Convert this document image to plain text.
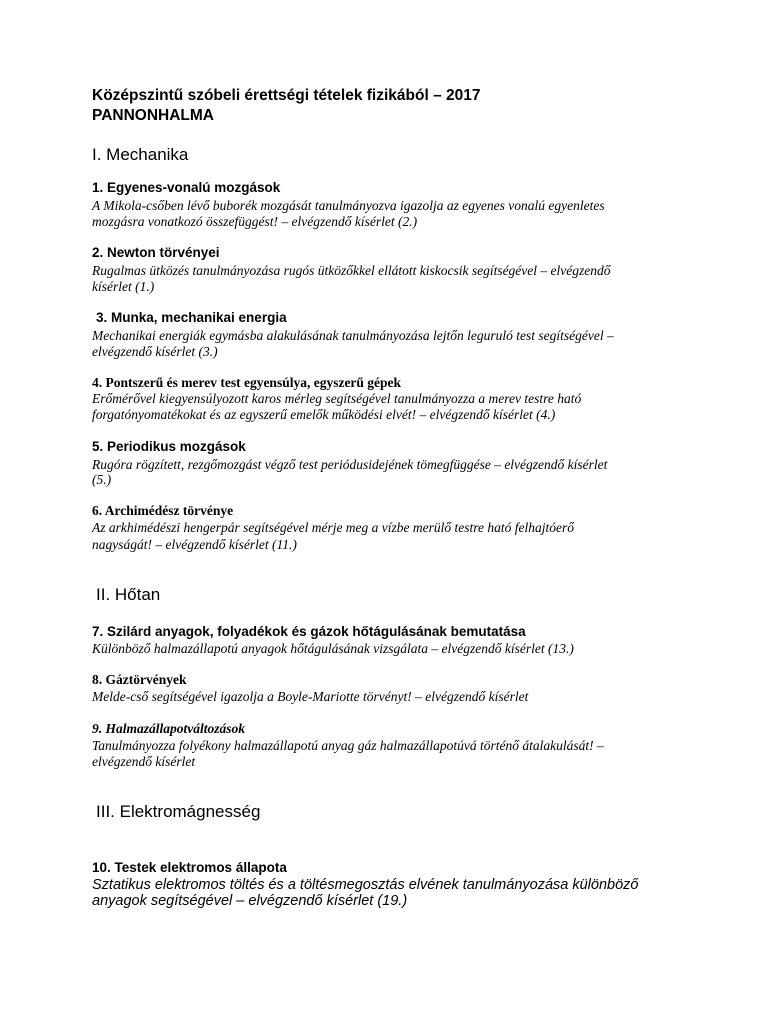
Középszintű szóbeli érettségi tételek fizikából – 2017
PANNONHALMA
I. Mechanika
1. Egyenes-vonalú mozgások
A Mikola-csőben lévő buborék mozgását tanulmányozva igazolja az egyenes vonalú egyenletes
mozgásra vonatkozó összefüggést! – elvégzendő kísérlet (2.)
2. Newton törvényei
Rugalmas ütközés tanulmányozása rugós ütközőkkel ellátott kiskocsik segítségével – elvégzendő
kísérlet (1.)
3. Munka, mechanikai energia
Mechanikai energiák egymásba alakulásának tanulmányozása lejtőn leguruló test segítségével –
elvégzendő kísérlet (3.)
4. Pontszerű és merev test egyensúlya, egyszerű gépek
Erőmérővel kiegyensúlyozott karos mérleg segítségével tanulmányozza a merev testre ható
forgatónyomatékokat és az egyszerű emelők működési elvét! – elvégzendő kísérlet (4.)
5. Periodikus mozgások
Rugóra rögzített, rezgőmozgást végző test periódusidejének tömegfüggése – elvégzendő kísérlet
(5.)
6. Archimédész törvénye
Az arkhimédészi hengerpár segítségével mérje meg a vízbe merülő testre ható felhajtóerő
nagyságát! – elvégzendő kísérlet (11.)
II. Hőtan
7. Szilárd anyagok, folyadékok és gázok hőtágulásának bemutatása
Különböző halmazállapotú anyagok hőtágulásának vizsgálata – elvégzendő kísérlet (13.)
8. Gáztörvények
Melde-cső segítségével igazolja a Boyle-Mariotte törvényt! – elvégzendő kísérlet
9. Halmazállapotváltozások
Tanulmányozza folyékony halmazállapotú anyag gáz halmazállapotúvá történő átalakulását! –
elvégzendő kísérlet
III. Elektromágnesség
10. Testek elektromos állapota
Sztatikus elektromos töltés és a töltésmegosztás elvének tanulmányozása különböző
anyagok segítségével – elvégzendő kísérlet (19.)
